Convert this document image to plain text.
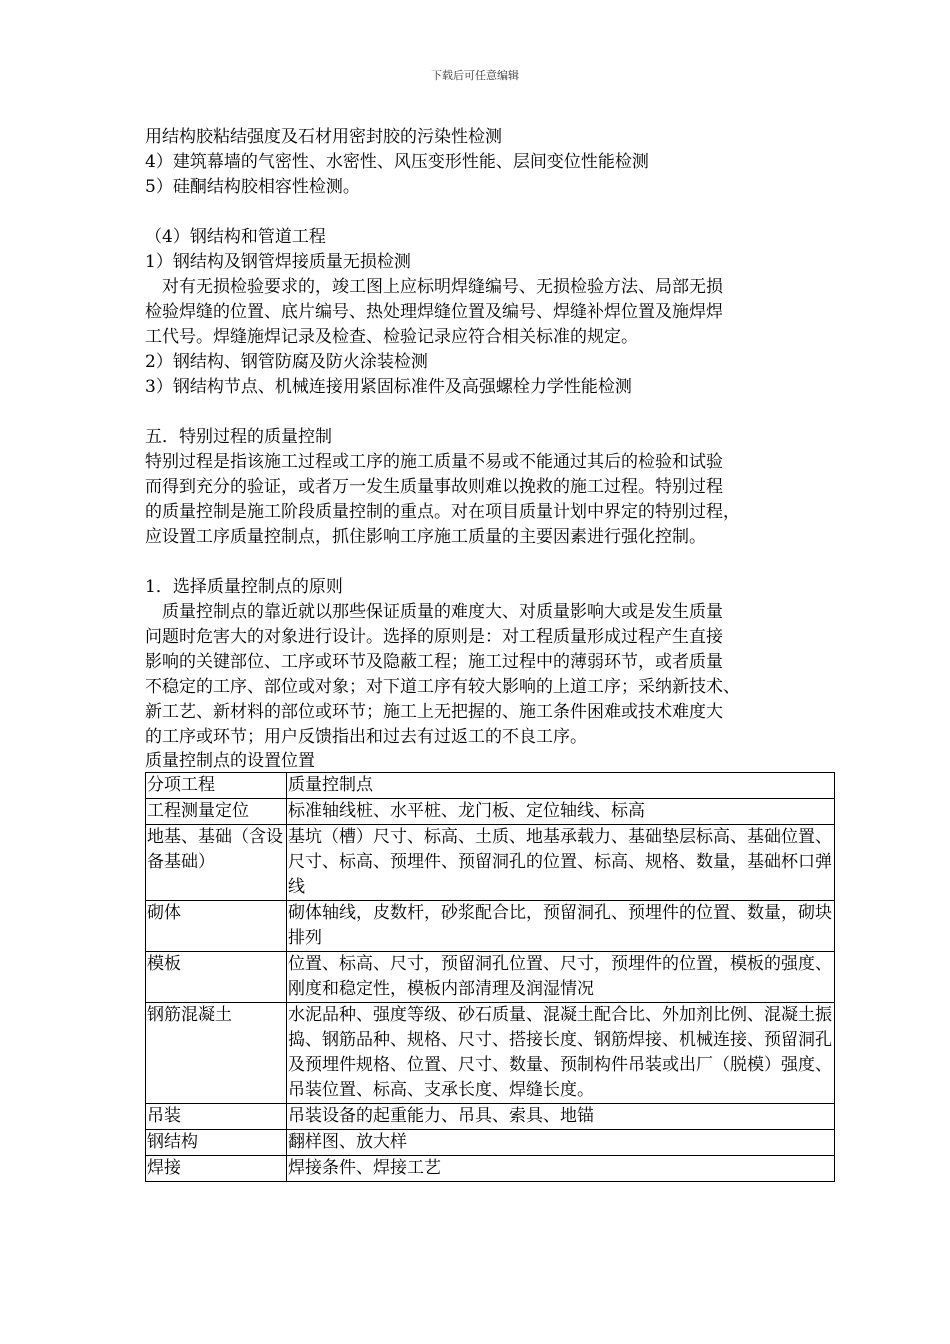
下载后可任意编辑
用结构胶粘结强度及石材用密封胶的污染性检测
4）建筑幕墙的气密性、水密性、风压变形性能、层间变位性能检测
5）硅酮结构胶相容性检测。
（4）钢结构和管道工程
1）钢结构及钢管焊接质量无损检测
对有无损检验要求的，竣工图上应标明焊缝编号、无损检验方法、局部无损
检验焊缝的位置、底片编号、热处理焊缝位置及编号、焊缝补焊位置及施焊焊
工代号。焊缝施焊记录及检查、检验记录应符合相关标准的规定。
2）钢结构、钢管防腐及防火涂装检测
3）钢结构节点、机械连接用紧固标准件及高强螺栓力学性能检测
五．特别过程的质量控制
特别过程是指该施工过程或工序的施工质量不易或不能通过其后的检验和试验
而得到充分的验证，或者万一发生质量事故则难以挽救的施工过程。特别过程
的质量控制是施工阶段质量控制的重点。对在项目质量计划中界定的特别过程，
应设置工序质量控制点，抓住影响工序施工质量的主要因素进行强化控制。
1．选择质量控制点的原则
质量控制点的靠近就以那些保证质量的难度大、对质量影响大或是发生质量
问题时危害大的对象进行设计。选择的原则是：对工程质量形成过程产生直接
影响的关键部位、工序或环节及隐蔽工程；施工过程中的薄弱环节，或者质量
不稳定的工序、部位或对象；对下道工序有较大影响的上道工序；采纳新技术、
新工艺、新材料的部位或环节；施工上无把握的、施工条件困难或技术难度大
的工序或环节；用户反馈指出和过去有过返工的不良工序。
质量控制点的设置位置
分项工程	质量控制点
工程测量定位	标准轴线桩、水平桩、龙门板、定位轴线、标高
地基、基础（含设备基础）	基坑（槽）尺寸、标高、土质、地基承载力、基础垫层标高、基础位置、尺寸、标高、预埋件、预留洞孔的位置、标高、规格、数量，基础杯口弹线
砌体	砌体轴线，皮数杆，砂浆配合比，预留洞孔、预埋件的位置、数量，砌块排列
模板	位置、标高、尺寸，预留洞孔位置、尺寸，预埋件的位置，模板的强度、刚度和稳定性，模板内部清理及润湿情况
钢筋混凝土	水泥品种、强度等级、砂石质量、混凝土配合比、外加剂比例、混凝土振捣、钢筋品种、规格、尺寸、搭接长度、钢筋焊接、机械连接、预留洞孔及预埋件规格、位置、尺寸、数量、预制构件吊装或出厂（脱模）强度、吊装位置、标高、支承长度、焊缝长度。
吊装	吊装设备的起重能力、吊具、索具、地锚
钢结构	翻样图、放大样
焊接	焊接条件、焊接工艺
